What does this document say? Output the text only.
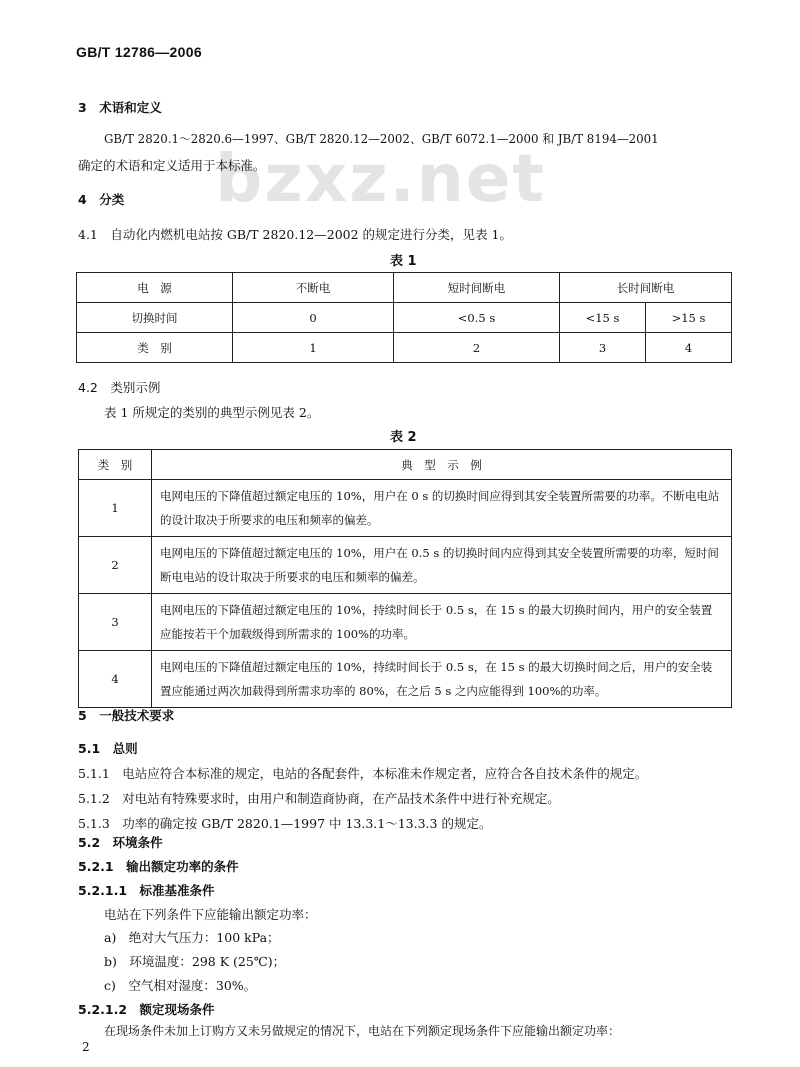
GB/T 12786—2006
bzxz.net
3　术语和定义
GB/T 2820.1～2820.6—1997、GB/T 2820.12—2002、GB/T 6072.1—2000 和 JB/T 8194—2001
确定的术语和定义适用于本标准。
4　分类
4.1　自动化内燃机电站按 GB/T 2820.12—2002 的规定进行分类，见表 1。
表 1
电　源	不断电	短时间断电	长时间断电	
切换时间	0	<0.5 s	<15 s	>15 s
类　别	1	2	3	4
4.2　类别示例
表 1 所规定的类别的典型示例见表 2。
表 2
类　别	典　型　示　例
1	电网电压的下降值超过额定电压的 10%，用户在 0 s 的切换时间应得到其安全装置所需要的功率。不断电电站的设计取决于所要求的电压和频率的偏差。
2	电网电压的下降值超过额定电压的 10%，用户在 0.5 s 的切换时间内应得到其安全装置所需要的功率，短时间断电电站的设计取决于所要求的电压和频率的偏差。
3	电网电压的下降值超过额定电压的 10%，持续时间长于 0.5 s，在 15 s 的最大切换时间内，用户的安全装置应能按若干个加载级得到所需求的 100%的功率。
4	电网电压的下降值超过额定电压的 10%，持续时间长于 0.5 s，在 15 s 的最大切换时间之后，用户的安全装置应能通过两次加载得到所需求功率的 80%，在之后 5 s 之内应能得到 100%的功率。
5　一般技术要求
5.1　总则
5.1.1　电站应符合本标准的规定，电站的各配套件，本标准未作规定者，应符合各自技术条件的规定。
5.1.2　对电站有特殊要求时，由用户和制造商协商，在产品技术条件中进行补充规定。
5.1.3　功率的确定按 GB/T 2820.1—1997 中 13.3.1～13.3.3 的规定。
5.2　环境条件
5.2.1　输出额定功率的条件
5.2.1.1　标准基准条件
电站在下列条件下应能输出额定功率：
a)　绝对大气压力：100 kPa；
b)　环境温度：298 K (25℃)；
c)　空气相对湿度：30%。
5.2.1.2　额定现场条件
在现场条件未加上订购方又未另做规定的情况下，电站在下列额定现场条件下应能输出额定功率：
2
